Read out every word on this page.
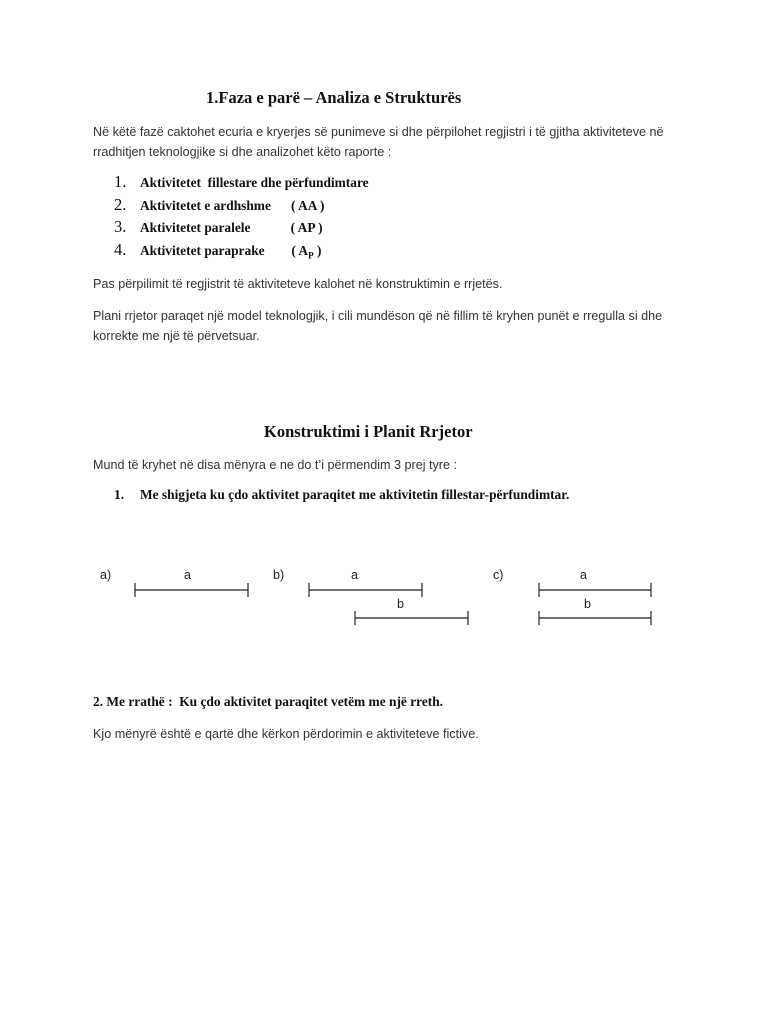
1.Faza e parë – Analiza e Strukturës
Në këtë fazë caktohet ecuria e kryerjes së punimeve si dhe përpilohet regjistri i të gjitha aktiviteteve në rradhitjen teknologjike si dhe analizohet këto raporte :
1.	Aktivitetet  fillestare dhe përfundimtare
2.	Aktivitetet e ardhshme      ( AA )
3.	Aktivitetet paralele            ( AP )
4.	Aktivitetet paraprake        ( $A_P$ )
Pas përpilimit të regjistrit të aktiviteteve kalohet në konstruktimin e rrjetës.
Plani rrjetor paraqet një model teknologjik, i cili mundëson që në fillim të kryhen punët e rregulla si dhe korrekte me një të përvetsuar.
Konstruktimi i Planit Rrjetor
Mund të kryhet në disa mënyra e ne do t’i përmendim 3 prej tyre :
1.	Me shigjeta ku çdo aktivitet paraqitet me aktivitetin fillestar-përfundimtar.
a)	a	b)	a
b
c)	a
b
2. Me rrathë :  Ku çdo aktivitet paraqitet vetëm me një rreth.
Kjo mënyrë është e qartë dhe kërkon përdorimin e aktiviteteve fictive.
